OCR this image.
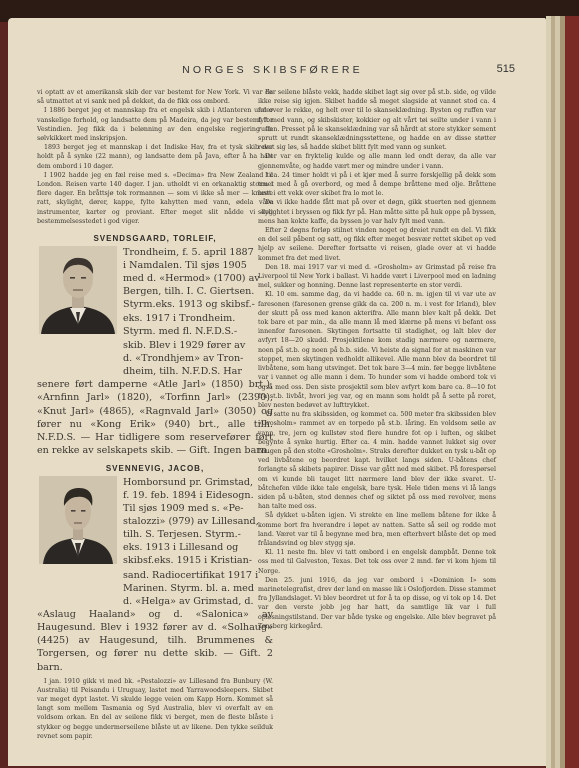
NORGES SKIBSFØRERE	515

vi optatt av et amerikansk skib der var bestemt for New York. Vi var da så utmattet at vi sank ned på dekket, da de fikk oss ombord.

I 1886 berget jeg et mannskap fra et engelsk skib i Atlanteren under vanskelige forhold, og landsatte dem på Madeira, da jeg var bestemt for Vestindien. Jeg fikk da i belønning av den engelske regjering en sølvkikkert med inskripsjon.

1893 berget jeg et mannskap i det Indiske Hav, fra et tysk skib der holdt på å synke (22 mann), og landsatte dem på Java, efter å ha hatt dem ombord i 10 dager.

I 1902 hadde jeg en fæl reise med s. «Decima» fra New Zealand til London. Reisen varte 140 dager. I jan. utholdt vi en orkanaktig storm i flere dager. En bråttsjø tok rormannen — som vi ikke så mer — knuste ratt, skylight, dører, kappe, fylte kahytten med vann, ødela våre instrumenter, karter og proviant. Efter meget slit nådde vi dog bestemmelsesstedet i god viger.

SVENDSGAARD, TORLEIF,
Trondheim, f. 5. april 1887
i Namdalen. Til sjøs 1905
med d. «Hermod» (1700) av
Bergen, tilh. I. C. Giertsen.
Styrm.eks. 1913 og skibsf.-
eks. 1917 i Trondheim.
Styrm. med fl. N.F.D.S.-
skib. Blev i 1929 fører av
d. «Trondhjem» av Tron-
dheim, tilh. N.F.D.S. Har

senere ført damperne «Atle Jarl» (1850) brt.), «Arnfinn Jarl» (1820), «Torfinn Jarl» (2390), «Knut Jarl» (4865), «Ragnvald Jarl» (3050) og fører nu «Kong Erik» (940) brt., alle tilh. N.F.D.S. — Har tidligere som reservefører ført en rekke av selskapets skib. — Gift. Ingen barn.

SVENNEVIG, JACOB,
Homborsund pr. Grimstad,
f. 19. feb. 1894 i Eidesogn.
Til sjøs 1909 med s. «Pe-
stalozzi» (979) av Lillesand,
tilh. S. Terjesen. Styrm.-
eks. 1913 i Lillesand og
skibsf.eks. 1915 i Kristian-
sand. Radiocertifikat 1917 i
Marinen. Styrm. bl. a. med
d. «Helga» av Grimstad, d.

«Aslaug Haaland» og d. «Salonica» av Haugesund. Blev i 1932 fører av d. «Solhaug» (4425) av Haugesund, tilh. Brummenes & Torgersen, og fører nu dette skib. — Gift. 2 barn.

I jan. 1910 gikk vi med bk. «Pestalozzi» av Lillesand fra Bunbury (W. Australia) til Peisandu i Uruguay, lastet med Yarrawoodsleepers. Skibet var meget dypt lastet. Vi skulde legge veien om Kapp Horn. Kommet så langt som mellem Tasmania og Syd Australia, blev vi overfalt av en voldsom orkan. En del av seilene fikk vi berget, men de fleste blåste i stykker og begge undermerseilene blåste ut av likene. Den tykke seilduk revnet som papir.

Før seilene blåste vekk, hadde skibet lagt sig over på st.b. side, og vilde ikke reise sig igjen. Skibet hadde så meget slagside at vannet stod ca. 4 fot over le rekke, og helt over til lo skanseklædning. Bysten og ruffen var fylt med vann, og skibskister, kokkier og alt vårt tøi seilte under i vann i ruffen. Presset på le skanseklædning var så hårdt at store stykker sement sprutt ut rundt skanseklædningsstøttene, og hadde en av disse støtter revet sig løs, så hadde skibet blitt fylt med vann og sunket.

Der var en fryktelig kulde og alle mann led ondt derav, da alle var gjennemvåte, og hadde vært mer og mindre under i vann.

I ca. 24 timer holdt vi på i et kjør med å surre forskjellig på dekk som truet med å gå overbord, og med å dempe bråttene med olje. Bråttene brøt i ett vekk over skibet fra lo mot le.

Da vi ikke hadde fått mat på over et døgn, gikk stuerten ned gjennem skylightet i bryssen og fikk fyr på. Han måtte sitte på huk oppe på byssen, mens han kokte kaffe, da byssen jo var halv fylt med vann.

Efter 2 døgns forløp stilnet vinden noget og dreiet rundt en del. Vi fikk en del seil påbent og satt, og fikk efter meget besvær rettet skibet op ved hjelp av seilene. Derefter fortsatte vi reisen, glade over at vi hadde kommet fra det med livet.

Den 18. mai 1917 var vi med d. «Grosholm» av Grimstad på reise fra Liverpool til New York i ballast. Vi hadde vært i Liverpool med en ladning mel, sukker og honning. Denne last representerte en stor verdi.

Kl. 10 em. samme dag, da vi hadde ca. 60 n. m. igjen til vi var ute av faresonen (faresonen grense gikk da ca. 200 n. m. i vest for Irland), blev der skutt på oss med kanon akterifra. Alle mann blev kalt på dekk. Det tok bare et par min., da alle mann lå med klærne på mens vi befant oss innenfor faresonen. Skytingen fortsatte til stadighet, og lalt blev der avfyrt 18—20 skudd. Prosjektilene kom stadig nærmere og nærmere, noen på st.b. og noen på b.b. side. Vi heiste da signal for at maskinen var stoppet, men skytingen vedholdt allikevel. Alle mann blev da beordret til livbåtene, som hang utsvinget. Det tok bare 3—4 min. før begge livbåtene var i vannet og alle mann i dem. To hunder som vi hadde ombord tok vi også med oss. Den siste prosjektil som blev avfyrt kom bare ca. 8—10 fot fra st.b. livbåt, hvori jeg var, og en mann som holdt på å sette på roret, blev nesten bedøvet av lufttrykket.

Vi satte nu fra skibssiden, og kommet ca. 500 meter fra skibssiden blev «Grosholm» rammet av en torpedo på st.b. låring. En voldsom søile av vann, tre, jern og kullstøv stod flere hundre fot op i luften, og skibet begynte å synke hurtig. Efter ca. 4 min. hadde vannet lukket sig over baugen på den stolte «Grosholm». Straks derefter dukket en tysk u-båt op ved livbåtene og beordret kapt. hvilket langs siden. U-båtens chef forlangte så skibets papirer. Disse var gått ned med skibet. På forespørsel om vi kunde bli tauget litt nærmere land blev der ikke svaret. U-båtchefen vilde ikke tale engelsk, bare tysk. Hele tiden mens vi lå langs siden på u-båten, stod dennes chef og siktet på oss med revolver, mens han talte med oss.

Så dykket u-båten igjen. Vi strekte en line mellem båtene for ikke å komme bort fra hverandre i løpet av natten. Satte så seil og rodde mot land. Været var til å begynne med bra, men efterhvert blåste det op med frålandsvind og blev stygg sjø.

Kl. 11 neste fm. blev vi tatt ombord i en engelsk dampbåt. Denne tok oss med til Galveston, Texas. Det tok oss over 2 mnd. før vi kom hjem til Norge.

Den 25. juni 1916, da jeg var ombord i «Dominion I» som marinetelegrafist, drev der land en masse lik i Oslofjorden. Disse stammet fra Jyllandslaget. Vi blev beordret ut for å ta op disse, og vi tok op 14. Det var den verste jobb jeg har hatt, da samtlige lik var i full opløsningstilstand. Der var både tyske og engelske. Alle blev begravet på Tønsberg kirkegård.
